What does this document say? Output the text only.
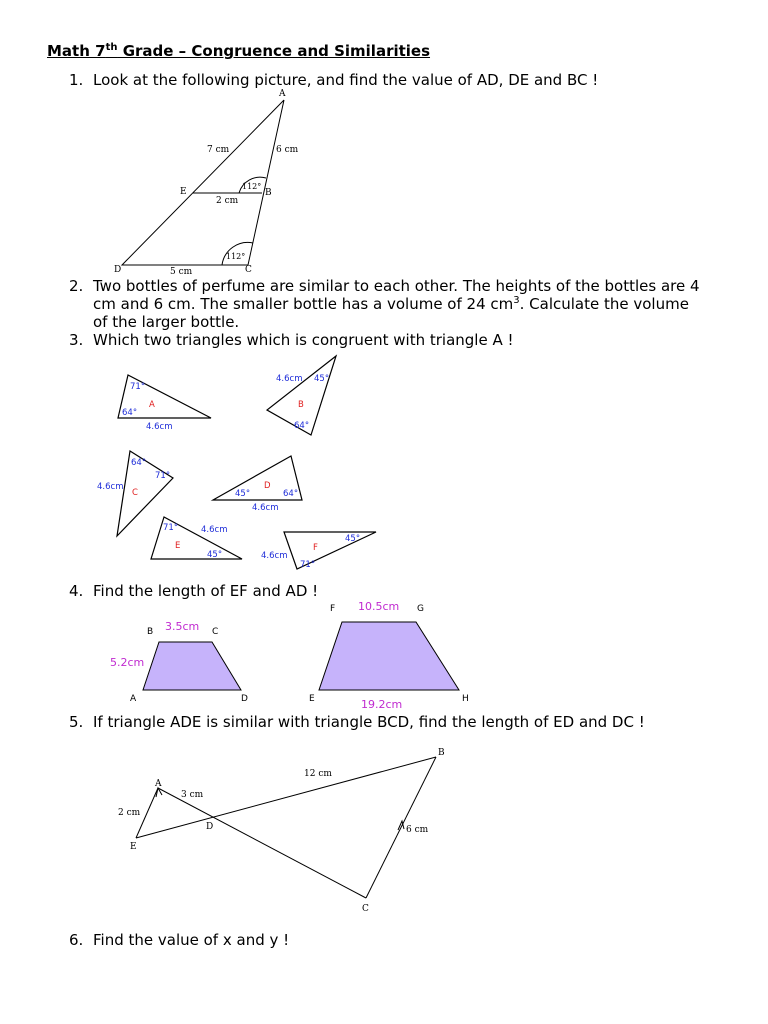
Math 7th Grade – Congruence and Similarities
1. Look at the following picture, and find the value of AD, DE and BC !
2. Two bottles of perfume are similar to each other. The heights of the bottles are 4
cm and 6 cm. The smaller bottle has a volume of 24 $cm^3$. Calculate the volume
of the larger bottle.
3. Which two triangles which is congruent with triangle A !
4. Find the length of EF and AD !
5. If triangle ADE is similar with triangle BCD, find the length of ED and DC !
6. Find the value of x and y !
A
B
C
D
E
7 cm	6 cm
2 cm
5 cm
112°
112°
71°
64°
A
4.6cm
4.6cm 45°
B
64°
64°
71°
4.6cm
C
D
45°	64°
4.6cm
71°	4.6cm
E
45°
45°
F
4.6cm
71°
B	C
A	D
3.5cm
5.2cm
F	G
E	H
10.5cm
19.2cm
A
B
C
D
E
12 cm
3 cm
2 cm
6 cm
